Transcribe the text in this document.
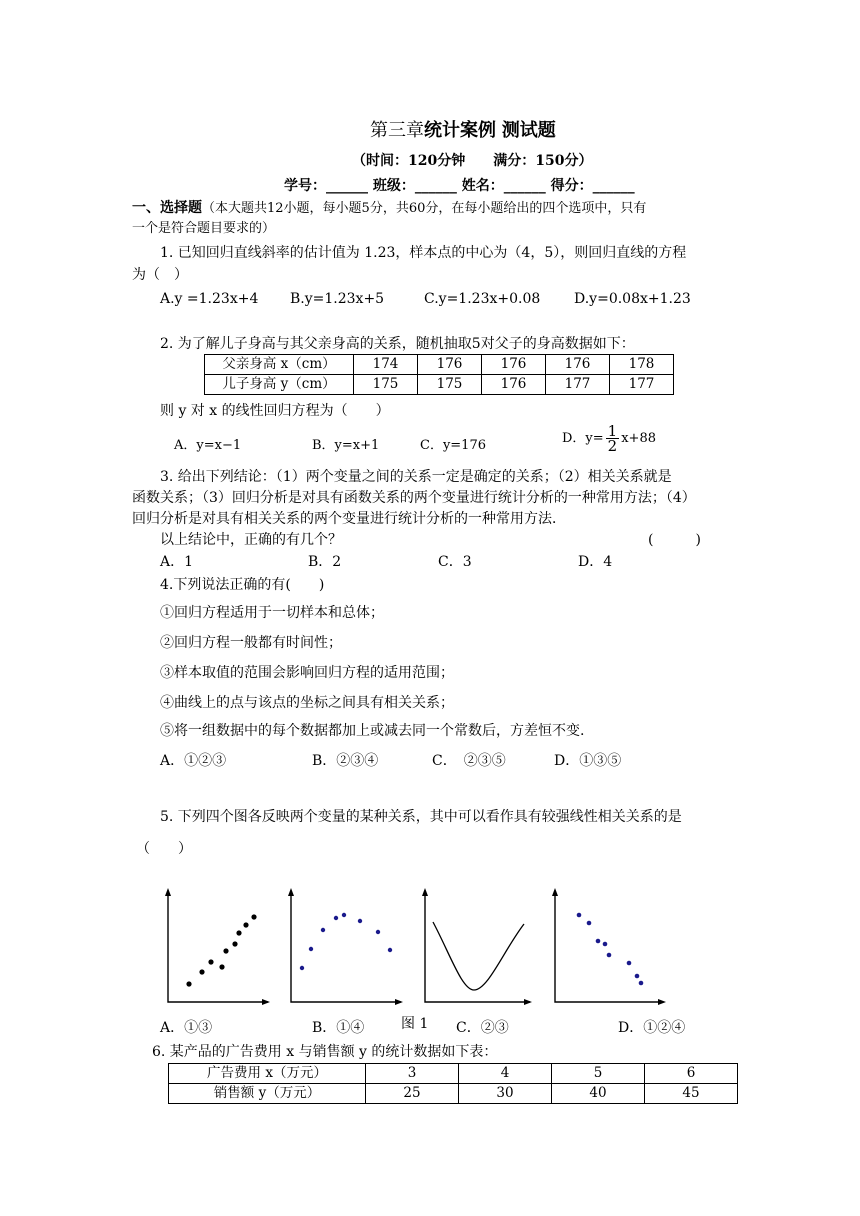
第三章统计案例 测试题
（时间：120分钟　　满分：150分）
学号：______ 班级：______ 姓名：______ 得分：______
一、选择题（本大题共12小题，每小题5分，共60分，在每小题给出的四个选项中，只有
一个是符合题目要求的）
1. 已知回归直线斜率的估计值为 1.23，样本点的中心为（4，5），则回归直线的方程
为（　）
A.y =1.23x+4 B.y=1.23x+5	C.y=1.23x+0.08 D.y=0.08x+1.23
2. 为了解儿子身高与其父亲身高的关系，随机抽取5对父子的身高数据如下：
父亲身高 x（cm）	174	176	176	176	178
儿子身高 y（cm）	175	175	176	177	177
则 y 对 x 的线性回归方程为（　　）
A．y=x−1	B．y=x+1	C．y=176	D．$y= \frac{1}{2} x+88$
3. 给出下列结论：（1）两个变量之间的关系一定是确定的关系；（2）相关关系就是
函数关系；（3）回归分析是对具有函数关系的两个变量进行统计分析的一种常用方法；（4）
回归分析是对具有相关关系的两个变量进行统计分析的一种常用方法．
以上结论中，正确的有几个？	(　　　)
A．1	B．2	C．3	D．4
4.下列说法正确的有(　　)
①回归方程适用于一切样本和总体；
②回归方程一般都有时间性；
③样本取值的范围会影响回归方程的适用范围；
④曲线上的点与该点的坐标之间具有相关关系；
⑤将一组数据中的每个数据都加上或减去同一个常数后，方差恒不变.
A．①②③	B．②③④	C．　②③⑤	D．①③⑤
5. 下列四个图各反映两个变量的某种关系，其中可以看作具有较强线性相关关系的是
（　　）
A．①③	B．①④	图 1 C．②③	D．①②④
6. 某产品的广告费用 x 与销售额 y 的统计数据如下表：
广告费用 x（万元）	3	4	5	6
销售额 y（万元）	25	30	40	45
